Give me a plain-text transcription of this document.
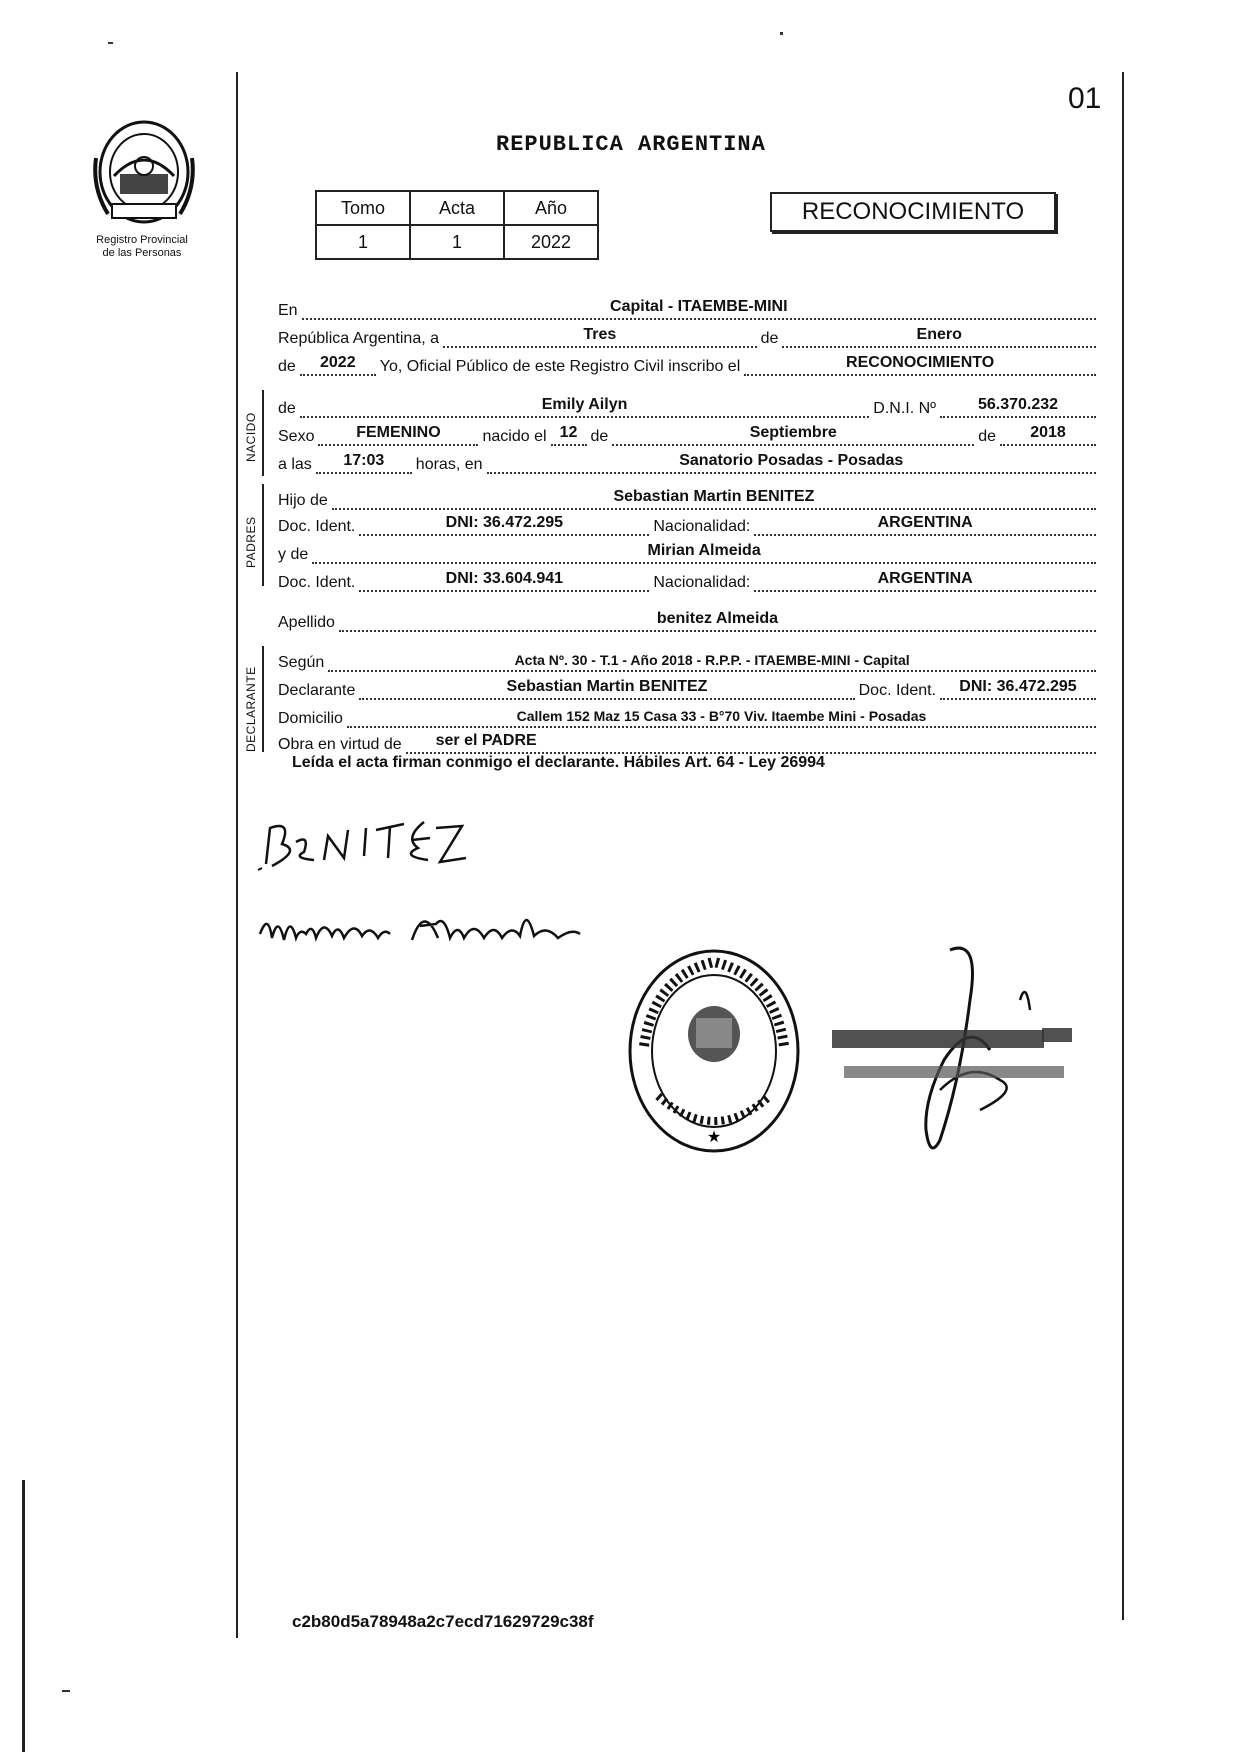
01
REPUBLICA ARGENTINA
Registro Provincial
de las Personas
Tomo	Acta	Año
1	1	2022
RECONOCIMIENTO
En	Capital - ITAEMBE-MINI
República Argentina, a	Tres	de	Enero
de	2022	Yo, Oficial Público de este Registro Civil inscribo el	RECONOCIMIENTO
NACIDO
de	Emily Ailyn	D.N.I. Nº	56.370.232
Sexo	FEMENINO	nacido el 12 de	Septiembre	de	2018
a las	17:03	horas, en	Sanatorio Posadas - Posadas
PADRES
Hijo de	Sebastian Martin BENITEZ
Doc. Ident.	DNI: 36.472.295	Nacionalidad:	ARGENTINA
y de	Mirian Almeida
Doc. Ident.	DNI: 33.604.941	Nacionalidad:	ARGENTINA
Apellido	benitez Almeida
DECLARANTE
Según	Acta Nº. 30 - T.1 - Año 2018 - R.P.P. - ITAEMBE-MINI - Capital
Declarante	Sebastian Martin BENITEZ	Doc. Ident.	DNI: 36.472.295
Domicilio	Callem 152 Maz 15 Casa 33 - B°70 Viv. Itaembe Mini - Posadas
Obra en virtud de	ser el PADRE
Leída el acta firman conmigo el declarante. Hábiles Art. 64 - Ley 26994
★
c2b80d5a78948a2c7ecd71629729c38f
